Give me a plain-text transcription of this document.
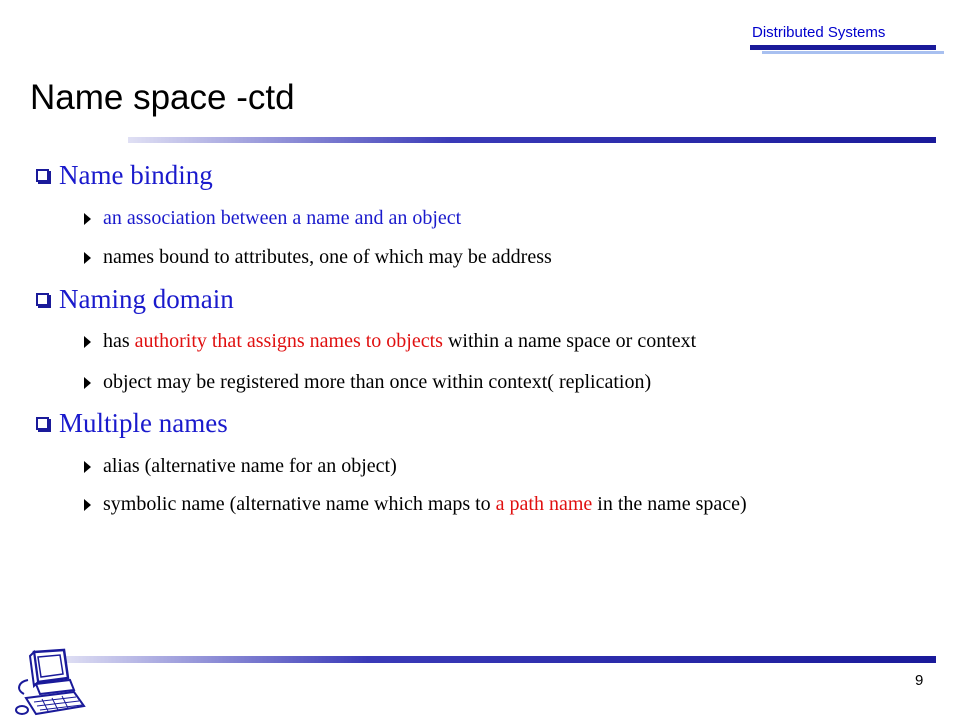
Distributed Systems
Name space -ctd
Name binding
an association between a name and an object
names bound to attributes, one of which may be address
Naming domain
has authority that assigns names to objects within a name space or context
object may be registered more than once within context( replication)
Multiple names
alias (alternative name for an object)
symbolic name (alternative name which maps to a path name in the name space)
9
